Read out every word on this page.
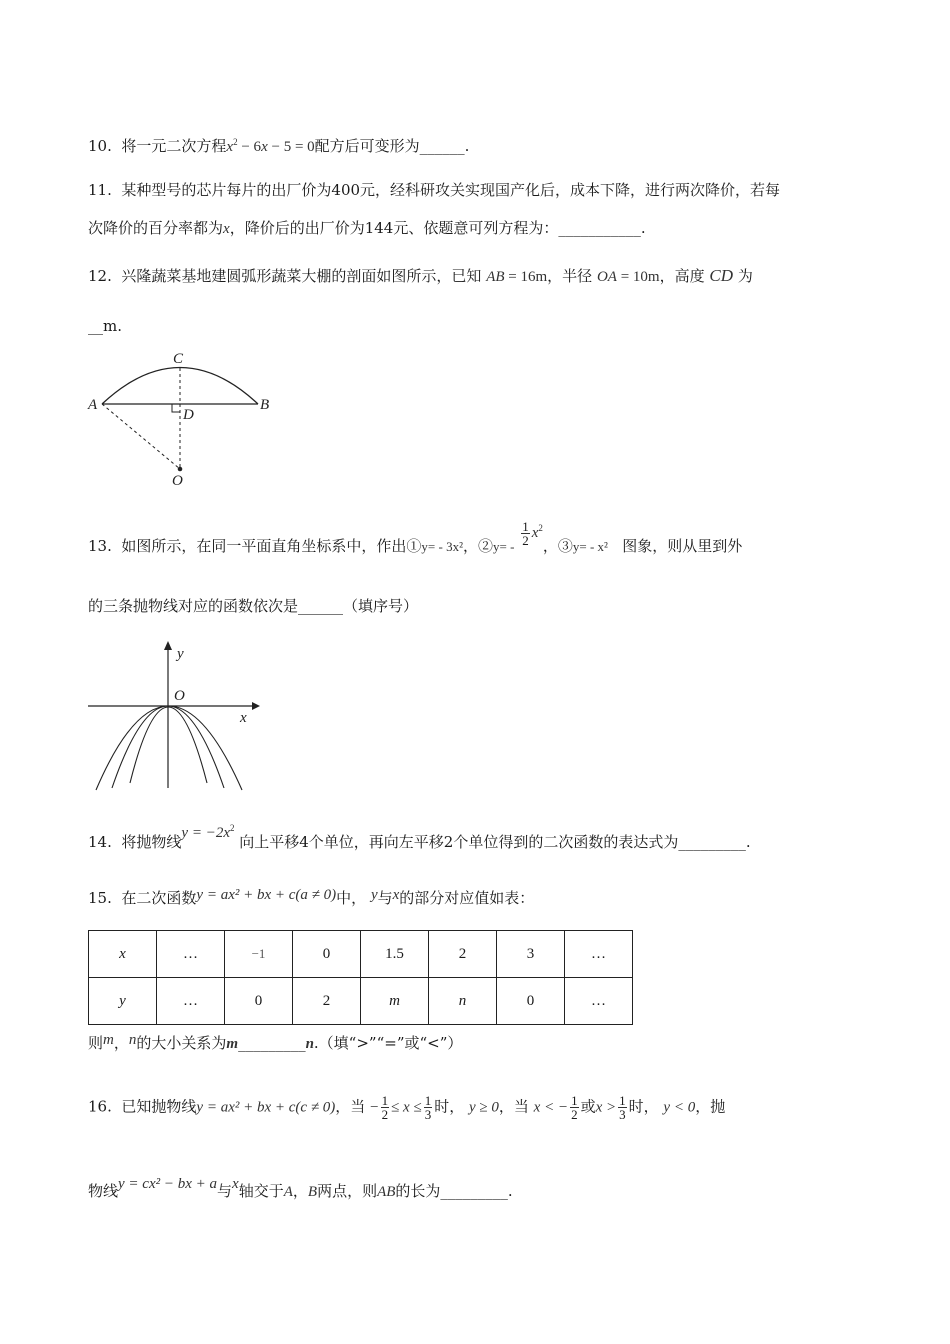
10. 将一元二次方程$x^2 - 6x - 5 = 0$配方后可变形为______.
11. 某种型号的芯片每片的出厂价为400元，经科研攻关实现国产化后，成本下降，进行两次降价，若每
次降价的百分率都为x，降价后的出厂价为144元、依题意可列方程为：___________.
12. 兴隆蔬菜基地建圆弧形蔬菜大棚的剖面如图所示，已知 AB = 16m，半径 OA = 10m，高度 CD 为
__m.
C
A
D
B
O
13. 如图所示，在同一平面直角坐标系中，作出①y= - 3x²，②y= - $\frac{1}{2} x^2$，③y= - x² 图象，则从里到外
的三条抛物线对应的函数依次是______（填序号）
y
O
x
14. 将抛物线$y = -2x^2$ 向上平移4个单位，再向左平移2个单位得到的二次函数的表达式为_________.
15. 在二次函数y = ax² + bx + c(a ≠ 0)中， y与x的部分对应值如表：
x	…	−1	0	1.5	2	3	…
y	…	0	2	m	n	0	…
则m，n的大小关系为m_________n.（填“>”“=”或“<”）
16. 已知抛物线y = ax² + bx + c(c ≠ 0)，当 − $\frac{1}{2} \le x \le \frac{1}{3}$ 时， y ≥ 0，当 x < − $\frac{1}{2}$ 或$x > \frac{1}{3}$ 时， y < 0，抛
物线y = cx² − bx + a与x轴交于A，B两点，则AB的长为_________.
